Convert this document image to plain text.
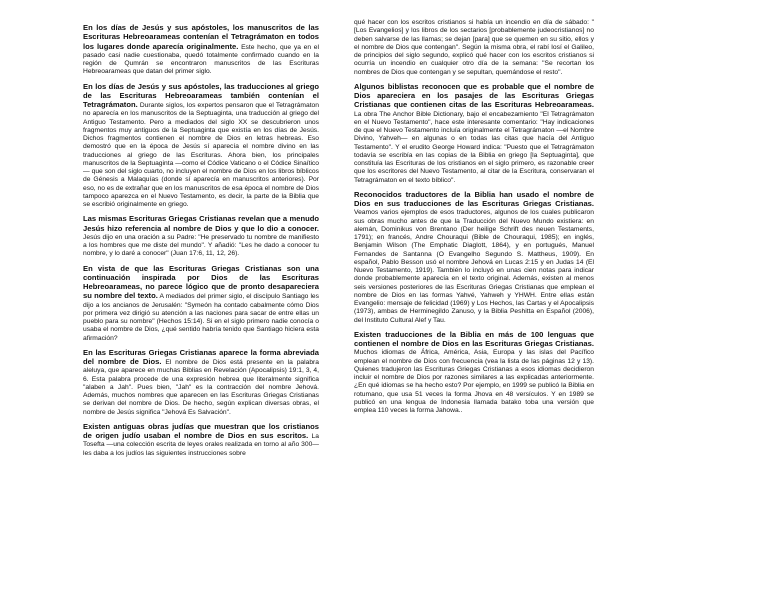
En los días de Jesús y sus apóstoles, los manuscritos de las Escrituras Hebreoarameas contenían el Tetragrámaton en todos los lugares donde aparecía originalmente. Este hecho, que ya en el pasado casi nadie cuestionaba, quedó totalmente confirmado cuando en la región de Qumrán se encontraron manuscritos de las Escrituras Hebreoarameas que datan del primer siglo.

En los días de Jesús y sus apóstoles, las traducciones al griego de las Escrituras Hebreoarameas también contenían el Tetragrámaton. Durante siglos, los expertos pensaron que el Tetragrámaton no aparecía en los manuscritos de la Septuaginta, una traducción al griego del Antiguo Testamento. Pero a mediados del siglo XX se descubrieron unos fragmentos muy antiguos de la Septuaginta que existía en los días de Jesús. Dichos fragmentos contienen el nombre de Dios en letras hebreas. Eso demostró que en la época de Jesús sí aparecía el nombre divino en las traducciones al griego de las Escrituras. Ahora bien, los principales manuscritos de la Septuaginta —como el Códice Vaticano o el Códice Sinaítico— que son del siglo cuarto, no incluyen el nombre de Dios en los libros bíblicos de Génesis a Malaquías (donde sí aparecía en manuscritos anteriores). Por eso, no es de extrañar que en los manuscritos de esa época el nombre de Dios tampoco aparezca en el Nuevo Testamento, es decir, la parte de la Biblia que se escribió originalmente en griego.

Las mismas Escrituras Griegas Cristianas revelan que a menudo Jesús hizo referencia al nombre de Dios y que lo dio a conocer. Jesús dijo en una oración a su Padre: "He preservado tu nombre de manifiesto a los hombres que me diste del mundo". Y añadió: "Les he dado a conocer tu nombre, y lo daré a conocer" (Juan 17:6, 11, 12, 26).

En vista de que las Escrituras Griegas Cristianas son una continuación inspirada por Dios de las Escrituras Hebreoarameas, no parece lógico que de pronto desapareciera su nombre del texto. A mediados del primer siglo, el discípulo Santiago les dijo a los ancianos de Jerusalén: "Symeón ha contado cabalmente cómo Dios por primera vez dirigió su atención a las naciones para sacar de entre ellas un pueblo para su nombre" (Hechos 15:14). Si en el siglo primero nadie conocía o usaba el nombre de Dios, ¿qué sentido habría tenido que Santiago hiciera esta afirmación?

En las Escrituras Griegas Cristianas aparece la forma abreviada del nombre de Dios. El nombre de Dios está presente en la palabra aleluya, que aparece en muchas Biblias en Revelación (Apocalipsis) 19:1, 3, 4, 6. Esta palabra procede de una expresión hebrea que literalmente significa "alaben a Jah". Pues bien, "Jah" es la contracción del nombre Jehová. Además, muchos nombres que aparecen en las Escrituras Griegas Cristianas se derivan del nombre de Dios. De hecho, según explican diversas obras, el nombre de Jesús significa "Jehová Es Salvación".

Existen antiguas obras judías que muestran que los cristianos de origen judío usaban el nombre de Dios en sus escritos. La Tosefta —una colección escrita de leyes orales realizada en torno al año 300— les daba a los judíos las siguientes instrucciones sobre

qué hacer con los escritos cristianos si había un incendio en día de sábado: "[Los Evangelios] y los libros de los sectarios [probablemente judeocristianos] no deben salvarse de las llamas; se dejan [para] que se quemen en su sitio, ellos y el nombre de Dios que contengan". Según la misma obra, el rabí Iosí el Galileo, de principios del siglo segundo, explicó qué hacer con los escritos cristianos si ocurría un incendio en cualquier otro día de la semana: "Se recortan los nombres de Dios que contengan y se sepultan, quemándose el resto".

Algunos biblistas reconocen que es probable que el nombre de Dios apareciera en los pasajes de las Escrituras Griegas Cristianas que contienen citas de las Escrituras Hebreoarameas. La obra The Anchor Bible Dictionary, bajo el encabezamiento "El Tetragrámaton en el Nuevo Testamento", hace este interesante comentario: "Hay indicaciones de que el Nuevo Testamento incluía originalmente el Tetragrámaton —el Nombre Divino, Yahveh— en algunas o en todas las citas que hacía del Antiguo Testamento". Y el erudito George Howard indica: "Puesto que el Tetragrámaton todavía se escribía en las copias de la Biblia en griego [la Septuaginta], que constituía las Escrituras de los cristianos en el siglo primero, es razonable creer que los escritores del Nuevo Testamento, al citar de la Escritura, conservaran el Tetragrámaton en el texto bíblico".

Reconocidos traductores de la Biblia han usado el nombre de Dios en sus traducciones de las Escrituras Griegas Cristianas. Veamos varios ejemplos de esos traductores, algunos de los cuales publicaron sus obras mucho antes de que la Traducción del Nuevo Mundo existiera: en alemán, Dominikus von Brentano (Der heilige Schrift des neuen Testaments, 1791); en francés, Andre Chouraqui (Bible de Chouraqui, 1985); en inglés, Benjamin Wilson (The Emphatic Diaglott, 1864), y en portugués, Manuel Fernandes de Santanna (O Evangelho Segundo S. Mattheus, 1909). En español, Pablo Besson usó el nombre Jehová en Lucas 2:15 y en Judas 14 (El Nuevo Testamento, 1919). También lo incluyó en unas cien notas para indicar donde probablemente aparecía en el texto original. Además, existen al menos seis versiones posteriores de las Escrituras Griegas Cristianas que emplean el nombre de Dios en las formas Yahvé, Yahweh y YHWH. Entre ellas están Evangelio: mensaje de felicidad (1969) y Los Hechos, las Cartas y el Apocalipsis (1973), ambas de Herminegildo Zanuso, y la Biblia Peshitta en Español (2006), del Instituto Cultural Alef y Tau.

Existen traducciones de la Biblia en más de 100 lenguas que contienen el nombre de Dios en las Escrituras Griegas Cristianas. Muchos idiomas de África, América, Asia, Europa y las islas del Pacífico emplean el nombre de Dios con frecuencia (vea la lista de las páginas 12 y 13). Quienes tradujeron las Escrituras Griegas Cristianas a esos idiomas decidieron incluir el nombre de Dios por razones similares a las explicadas anteriormente. ¿En qué idiomas se ha hecho esto? Por ejemplo, en 1999 se publicó la Biblia en rotumano, que usa 51 veces la forma Jhova en 48 versículos. Y en 1989 se publicó en una lengua de Indonesia llamada batako toba una versión que emplea 110 veces la forma Jahowa..
